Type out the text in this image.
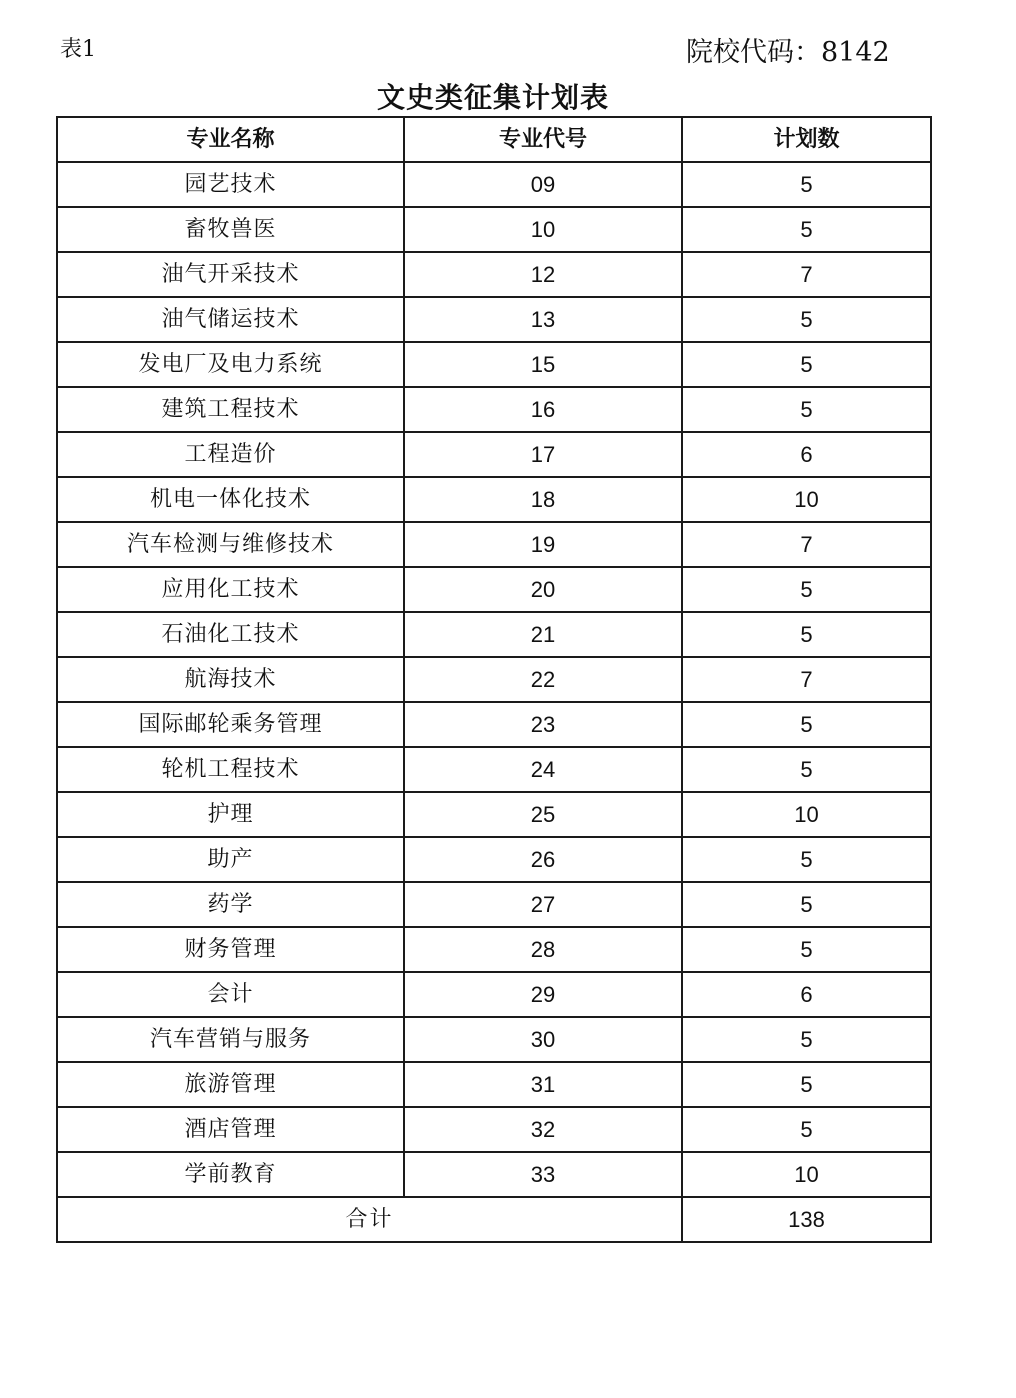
表1	院校代码：8142
文史类征集计划表
专业名称	专业代号	计划数
园艺技术	09	5
畜牧兽医	10	5
油气开采技术	12	7
油气储运技术	13	5
发电厂及电力系统	15	5
建筑工程技术	16	5
工程造价	17	6
机电一体化技术	18	10
汽车检测与维修技术	19	7
应用化工技术	20	5
石油化工技术	21	5
航海技术	22	7
国际邮轮乘务管理	23	5
轮机工程技术	24	5
护理	25	10
助产	26	5
药学	27	5
财务管理	28	5
会计	29	6
汽车营销与服务	30	5
旅游管理	31	5
酒店管理	32	5
学前教育	33	10
合计		138
